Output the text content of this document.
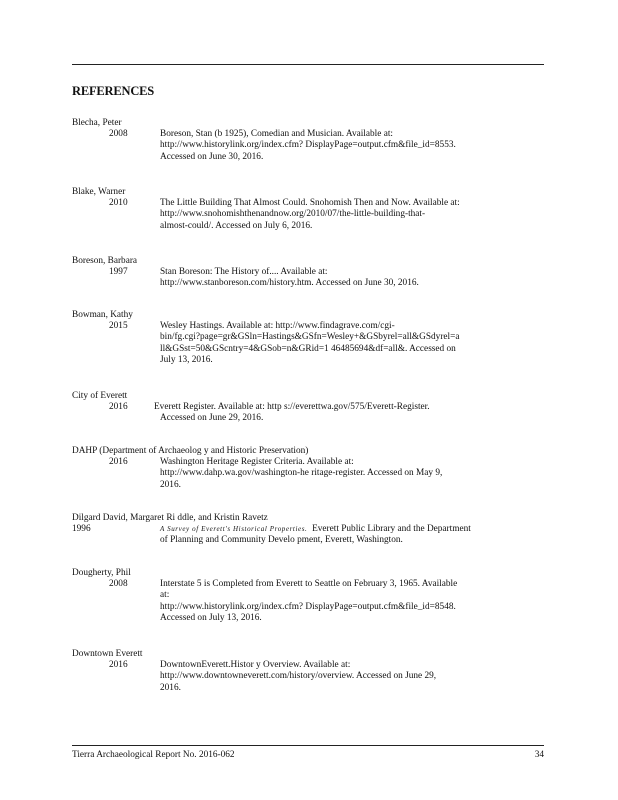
REFERENCES
Blecha, Peter
2008	Boreson, Stan (b 1925), Comedian and Musician. Available at:
http://www.historylink.org/index.cfm? DisplayPage=output.cfm&file_id=8553.
Accessed on June 30, 2016.
Blake, Warner
2010	The Little Building That Almost Could. Snohomish Then and Now. Available at:
http://www.snohomishthenandnow.org/2010/07/the-little-building-that-
almost-could/. Accessed on July 6, 2016.
Boreson, Barbara
1997	Stan Boreson: The History of.... Available at:
http://www.stanboreson.com/history.htm. Accessed on June 30, 2016.
Bowman, Kathy
2015	Wesley Hastings. Available at: http://www.findagrave.com/cgi-
bin/fg.cgi?page=gr&GSln=Hastings&GSfn=Wesley+&GSbyrel=all&GSdyrel=a
ll&GSst=50&GScntry=4&GSob=n&GRid=1 46485694&df=all&. Accessed on
July 13, 2016.
City of Everett
2016	Everett Register. Available at: http s://everettwa.gov/575/Everett-Register.
Accessed on June 29, 2016.
DAHP (Department of Archaeolog y and Historic Preservation)
2016	Washington Heritage Register Criteria. Available at:
http://www.dahp.wa.gov/washington-he ritage-register. Accessed on May 9,
2016.
Dilgard David, Margaret Ri ddle, and Kristin Ravetz
1996	A Survey of Everett's Historical Properties. Everett Public Library and the Department
of Planning and Community Develo pment, Everett, Washington.
Dougherty, Phil
2008	Interstate 5 is Completed from Everett to Seattle on February 3, 1965. Available
at:
http://www.historylink.org/index.cfm? DisplayPage=output.cfm&file_id=8548.
Accessed on July 13, 2016.
Downtown Everett
2016	DowntownEverett.Histor y Overview. Available at:
http://www.downtowneverett.com/history/overview. Accessed on June 29,
2016.
Tierra Archaeological Report No. 2016-062	34
